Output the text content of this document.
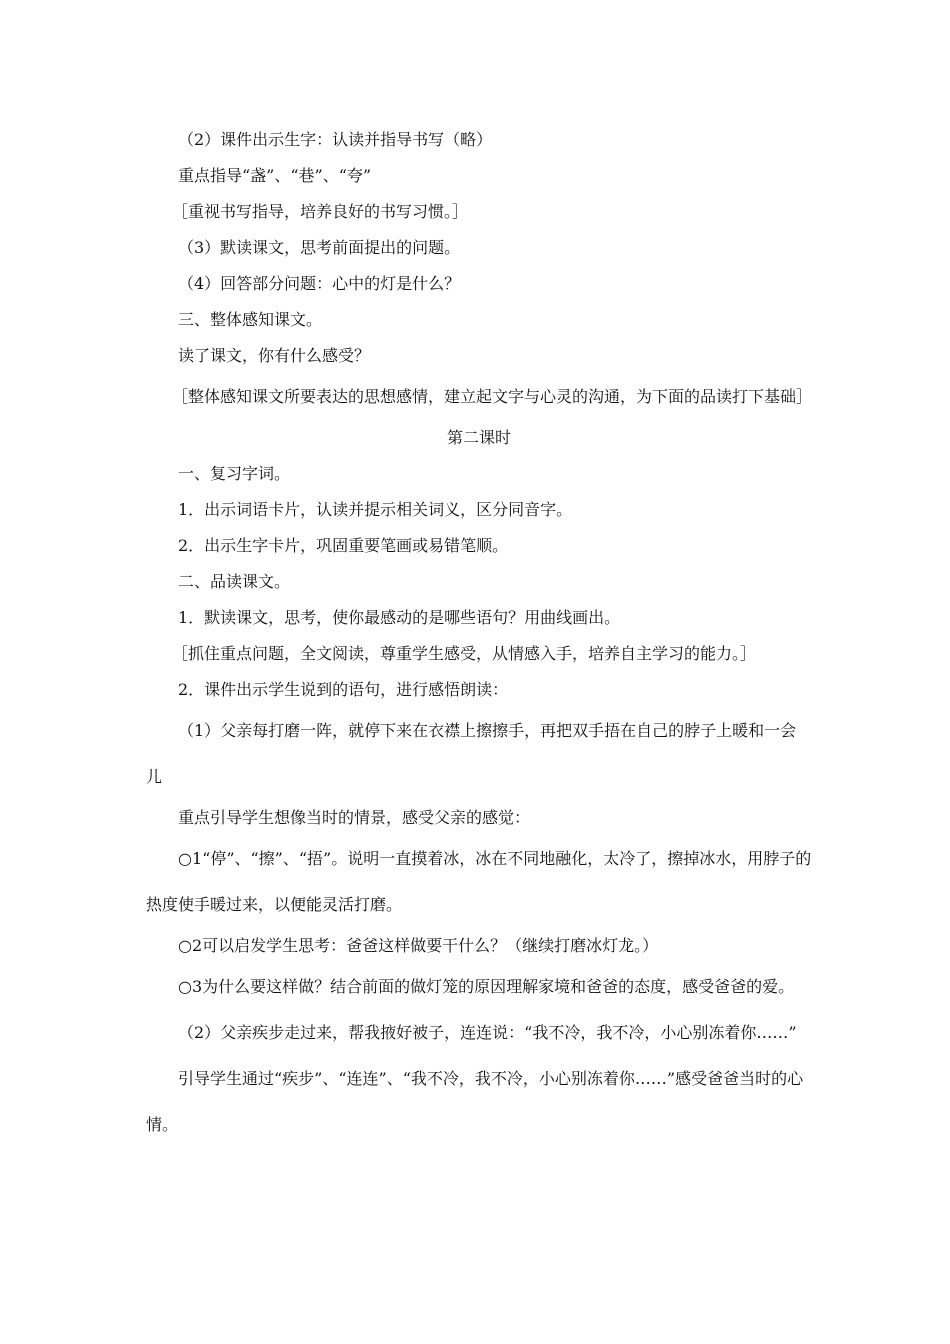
（2）课件出示生字：认读并指导书写（略）

重点指导“盏”、“巷”、“夸”

［重视书写指导，培养良好的书写习惯。］

（3）默读课文，思考前面提出的问题。

（4）回答部分问题：心中的灯是什么？

三、整体感知课文。

读了课文，你有什么感受？

［整体感知课文所要表达的思想感情，建立起文字与心灵的沟通，为下面的品读打下基础］

第二课时

一、复习字词。

1．出示词语卡片，认读并提示相关词义，区分同音字。

2．出示生字卡片，巩固重要笔画或易错笔顺。

二、品读课文。

1．默读课文，思考，使你最感动的是哪些语句？用曲线画出。

［抓住重点问题，全文阅读，尊重学生感受，从情感入手，培养自主学习的能力。］

2．课件出示学生说到的语句，进行感悟朗读：

（1）父亲每打磨一阵，就停下来在衣襟上擦擦手，再把双手捂在自己的脖子上暖和一会儿

重点引导学生想像当时的情景，感受父亲的感觉：

○1“停”、“擦”、“捂”。说明一直摸着冰，冰在不同地融化，太冷了，擦掉冰水，用脖子的热度使手暖过来，以便能灵活打磨。

○2可以启发学生思考：爸爸这样做要干什么？（继续打磨冰灯龙。）

○3为什么要这样做？结合前面的做灯笼的原因理解家境和爸爸的态度，感受爸爸的爱。

（2）父亲疾步走过来，帮我掖好被子，连连说：“我不冷，我不冷，小心别冻着你……”

引导学生通过“疾步”、“连连”、“我不冷，我不冷，小心别冻着你……”感受爸爸当时的心情。
